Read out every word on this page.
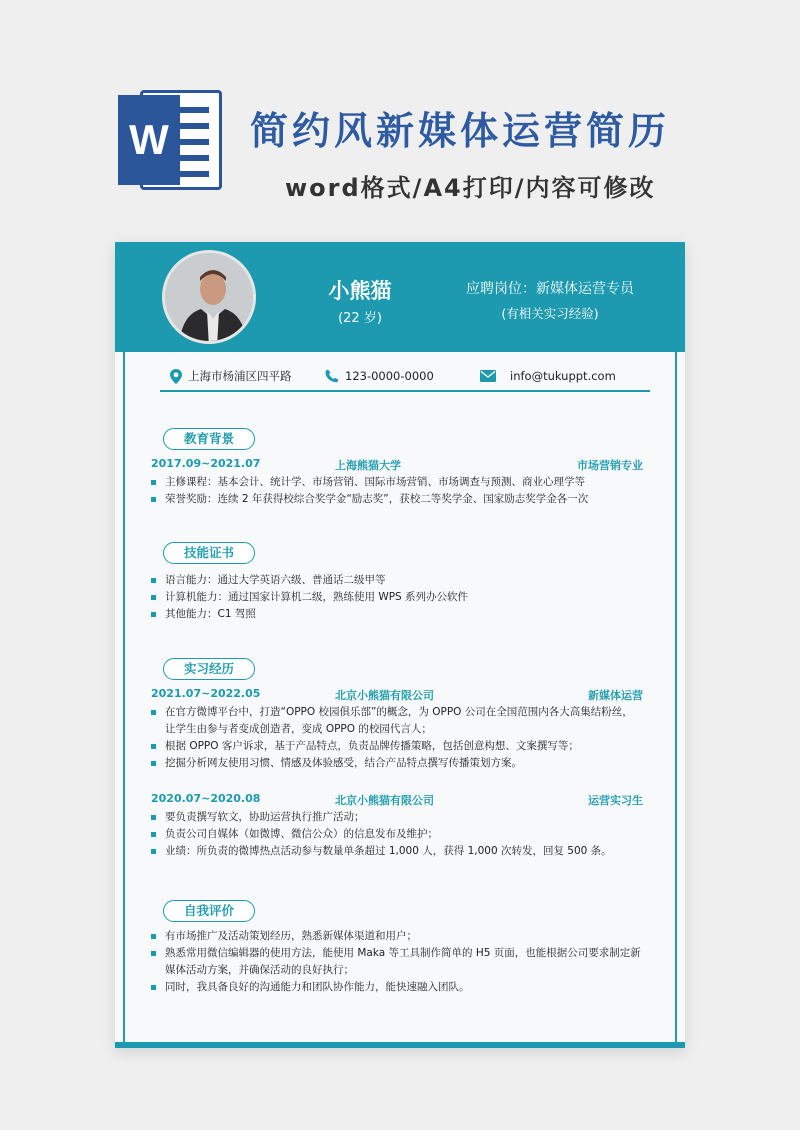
W 简约风新媒体运营简历
word格式/A4打印/内容可修改
小熊猫
(22 岁)
应聘岗位：新媒体运营专员
(有相关实习经验)
上海市杨浦区四平路	123-0000-0000	info@tukuppt.com
教育背景
2017.09~2021.07	上海熊猫大学	市场营销专业
主修课程：基本会计、统计学、市场营销、国际市场营销、市场调查与预测、商业心理学等
荣誉奖励：连续 2 年获得校综合奖学金“励志奖”，获校二等奖学金、国家励志奖学金各一次
技能证书
语言能力：通过大学英语六级、普通话二级甲等
计算机能力：通过国家计算机二级，熟练使用 WPS 系列办公软件
其他能力：C1 驾照
实习经历
2021.07~2022.05	北京小熊猫有限公司	新媒体运营
在官方微博平台中，打造“OPPO 校园俱乐部”的概念，为 OPPO 公司在全国范围内各大高集结粉丝，让学生由参与者变成创造者，变成 OPPO 的校园代言人；
根据 OPPO 客户诉求，基于产品特点，负责品牌传播策略，包括创意构想、文案撰写等；
挖掘分析网友使用习惯、情感及体验感受，结合产品特点撰写传播策划方案。
2020.07~2020.08	北京小熊猫有限公司	运营实习生
要负责撰写软文，协助运营执行推广活动；
负责公司自媒体（如微博、微信公众）的信息发布及维护；
业绩：所负责的微博热点活动参与数量单条超过 1,000 人，获得 1,000 次转发，回复 500 条。
自我评价
有市场推广及活动策划经历，熟悉新媒体渠道和用户；
熟悉常用微信编辑器的使用方法，能使用 Maka 等工具制作简单的 H5 页面，也能根据公司要求制定新媒体活动方案，并确保活动的良好执行；
同时，我具备良好的沟通能力和团队协作能力，能快速融入团队。
